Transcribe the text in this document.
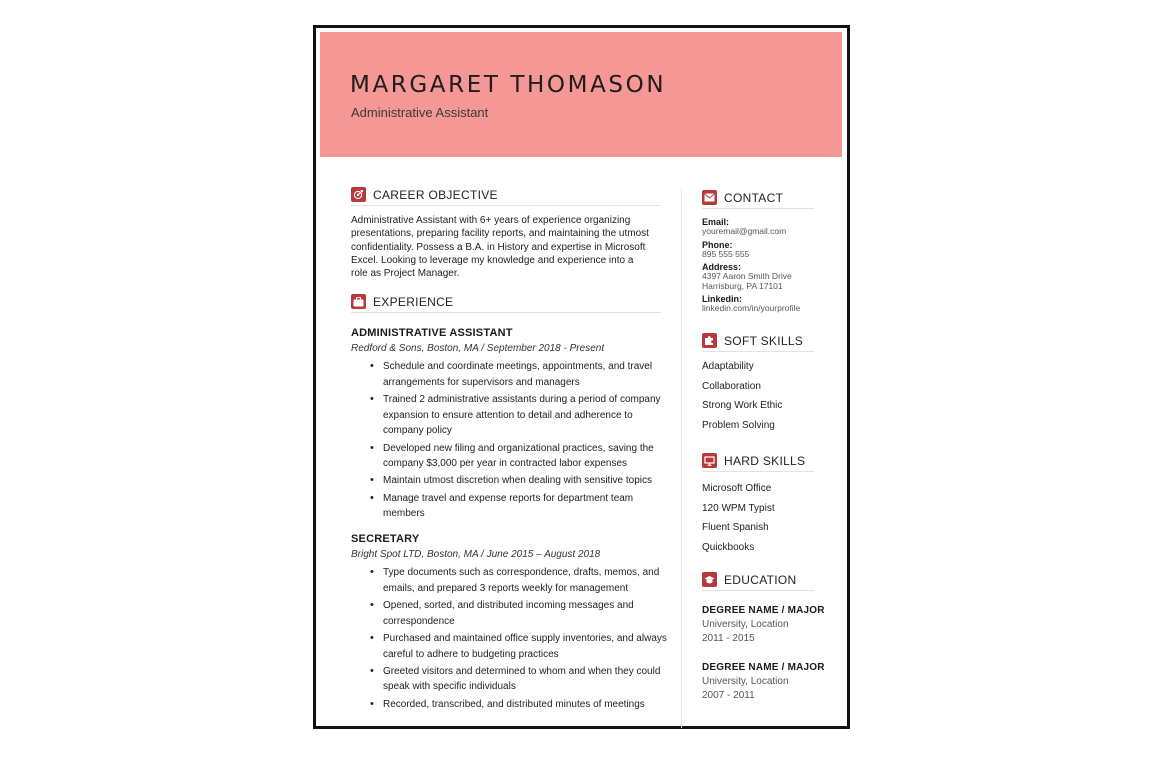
MARGARET THOMASON
Administrative Assistant
CAREER OBJECTIVE
Administrative Assistant with 6+ years of experience organizing presentations, preparing facility reports, and maintaining the utmost confidentiality. Possess a B.A. in History and expertise in Microsoft Excel. Looking to leverage my knowledge and experience into a role as Project Manager.
EXPERIENCE
ADMINISTRATIVE ASSISTANT
Redford & Sons, Boston, MA / September 2018 - Present
• Schedule and coordinate meetings, appointments, and travel arrangements for supervisors and managers
• Trained 2 administrative assistants during a period of company expansion to ensure attention to detail and adherence to company policy
• Developed new filing and organizational practices, saving the company $3,000 per year in contracted labor expenses
• Maintain utmost discretion when dealing with sensitive topics
• Manage travel and expense reports for department team members
SECRETARY
Bright Spot LTD, Boston, MA / June 2015 – August 2018
• Type documents such as correspondence, drafts, memos, and emails, and prepared 3 reports weekly for management
• Opened, sorted, and distributed incoming messages and correspondence
• Purchased and maintained office supply inventories, and always careful to adhere to budgeting practices
• Greeted visitors and determined to whom and when they could speak with specific individuals
• Recorded, transcribed, and distributed minutes of meetings
CONTACT
Email:
youremail@gmail.com
Phone:
895 555 555
Address:
4397 Aaron Smith Drive
Harrisburg, PA 17101
Linkedin:
linkedin.com/in/yourprofile
SOFT SKILLS
Adaptability
Collaboration
Strong Work Ethic
Problem Solving
HARD SKILLS
Microsoft Office
120 WPM Typist
Fluent Spanish
Quickbooks
EDUCATION
DEGREE NAME / MAJOR
University, Location
2011 - 2015
DEGREE NAME / MAJOR
University, Location
2007 - 2011
